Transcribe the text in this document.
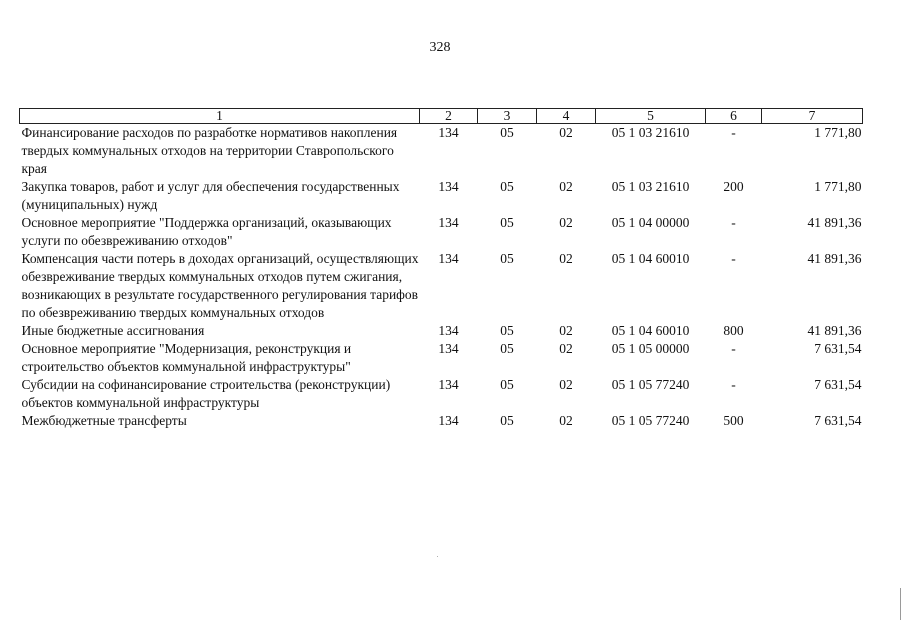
328
1	2	3	4	5	6	7
Финансирование расходов по разработке нормативов накопления твердых коммунальных отходов на территории Ставропольского края	134	05	02	05 1 03 21610	-	1 771,80
Закупка товаров, работ и услуг для обеспечения государственных (муниципальных) нужд	134	05	02	05 1 03 21610	200	1 771,80
Основное мероприятие "Поддержка организаций, оказывающих услуги по обезвреживанию отходов"	134	05	02	05 1 04 00000	-	41 891,36
Компенсация части потерь в доходах организаций, осуществляющих обезвреживание твердых коммунальных отходов путем сжигания, возникающих в результате государственного регулирования тарифов по обезвреживанию твердых коммунальных отходов	134	05	02	05 1 04 60010	-	41 891,36
Иные бюджетные ассигнования	134	05	02	05 1 04 60010	800	41 891,36
Основное мероприятие "Модернизация, реконструкция и строительство объектов коммунальной инфраструктуры"	134	05	02	05 1 05 00000	-	7 631,54
Субсидии на софинансирование строительства (реконструкции) объектов коммунальной инфраструктуры	134	05	02	05 1 05 77240	-	7 631,54
Межбюджетные трансферты	134	05	02	05 1 05 77240	500	7 631,54
